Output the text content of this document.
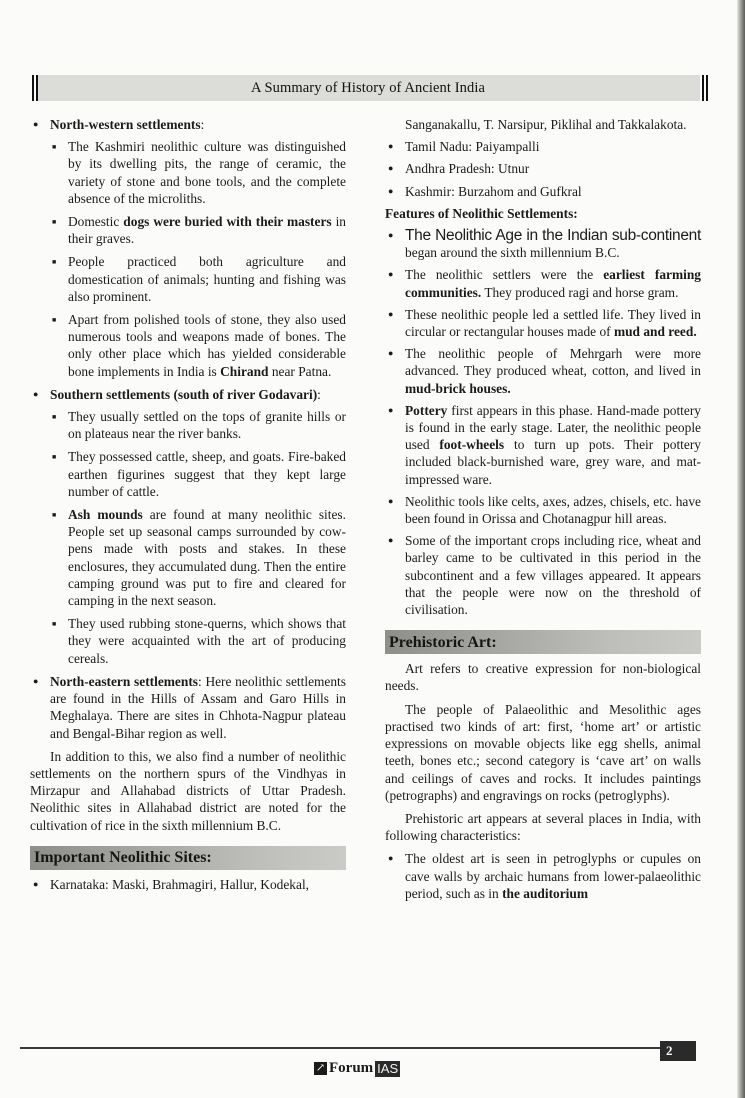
A Summary of History of Ancient India
● North-western settlements:
■ The Kashmiri neolithic culture was distinguished by its dwelling pits, the range of ceramic, the variety of stone and bone tools, and the complete absence of the microliths.
■ Domestic dogs were buried with their masters in their graves.
■ People practiced both agriculture and domestication of animals; hunting and fishing was also prominent.
■ Apart from polished tools of stone, they also used numerous tools and weapons made of bones. The only other place which has yielded considerable bone implements in India is Chirand near Patna.
● Southern settlements (south of river Godavari):
■ They usually settled on the tops of granite hills or on plateaus near the river banks.
■ They possessed cattle, sheep, and goats. Fire-baked earthen figurines suggest that they kept large number of cattle.
■ Ash mounds are found at many neolithic sites. People set up seasonal camps surrounded by cow-pens made with posts and stakes. In these enclosures, they accumulated dung. Then the entire camping ground was put to fire and cleared for camping in the next season.
■ They used rubbing stone-querns, which shows that they were acquainted with the art of producing cereals.
● North-eastern settlements: Here neolithic settlements are found in the Hills of Assam and Garo Hills in Meghalaya. There are sites in Chhota-Nagpur plateau and Bengal-Bihar region as well.

In addition to this, we also find a number of neolithic settlements on the northern spurs of the Vindhyas in Mirzapur and Allahabad districts of Uttar Pradesh. Neolithic sites in Allahabad district are noted for the cultivation of rice in the sixth millennium B.C.

Important Neolithic Sites:
● Karnataka: Maski, Brahmagiri, Hallur, Kodekal,
Sanganakallu, T. Narsipur, Piklihal and Takkalakota.
● Tamil Nadu: Paiyampalli
● Andhra Pradesh: Utnur
● Kashmir: Burzahom and Gufkral
Features of Neolithic Settlements:
● The Neolithic Age in the Indian sub-continent began around the sixth millennium B.C.
● The neolithic settlers were the earliest farming communities. They produced ragi and horse gram.
● These neolithic people led a settled life. They lived in circular or rectangular houses made of mud and reed.
● The neolithic people of Mehrgarh were more advanced. They produced wheat, cotton, and lived in mud-brick houses.
● Pottery first appears in this phase. Hand-made pottery is found in the early stage. Later, the neolithic people used foot-wheels to turn up pots. Their pottery included black-burnished ware, grey ware, and mat-impressed ware.
● Neolithic tools like celts, axes, adzes, chisels, etc. have been found in Orissa and Chotanagpur hill areas.
● Some of the important crops including rice, wheat and barley came to be cultivated in this period in the subcontinent and a few villages appeared. It appears that the people were now on the threshold of civilisation.
Prehistoric Art:

Art refers to creative expression for non-biological needs.

The people of Palaeolithic and Mesolithic ages practised two kinds of art: first, ‘home art’ or artistic expressions on movable objects like egg shells, animal teeth, bones etc.; second category is ‘cave art’ on walls and ceilings of caves and rocks. It includes paintings (petrographs) and engravings on rocks (petroglyphs).

Prehistoric art appears at several places in India, with following characteristics:

● The oldest art is seen in petroglyphs or cupules on cave walls by archaic humans from lower-palaeolithic period, such as in the auditorium
2
↗ Forum IAS
